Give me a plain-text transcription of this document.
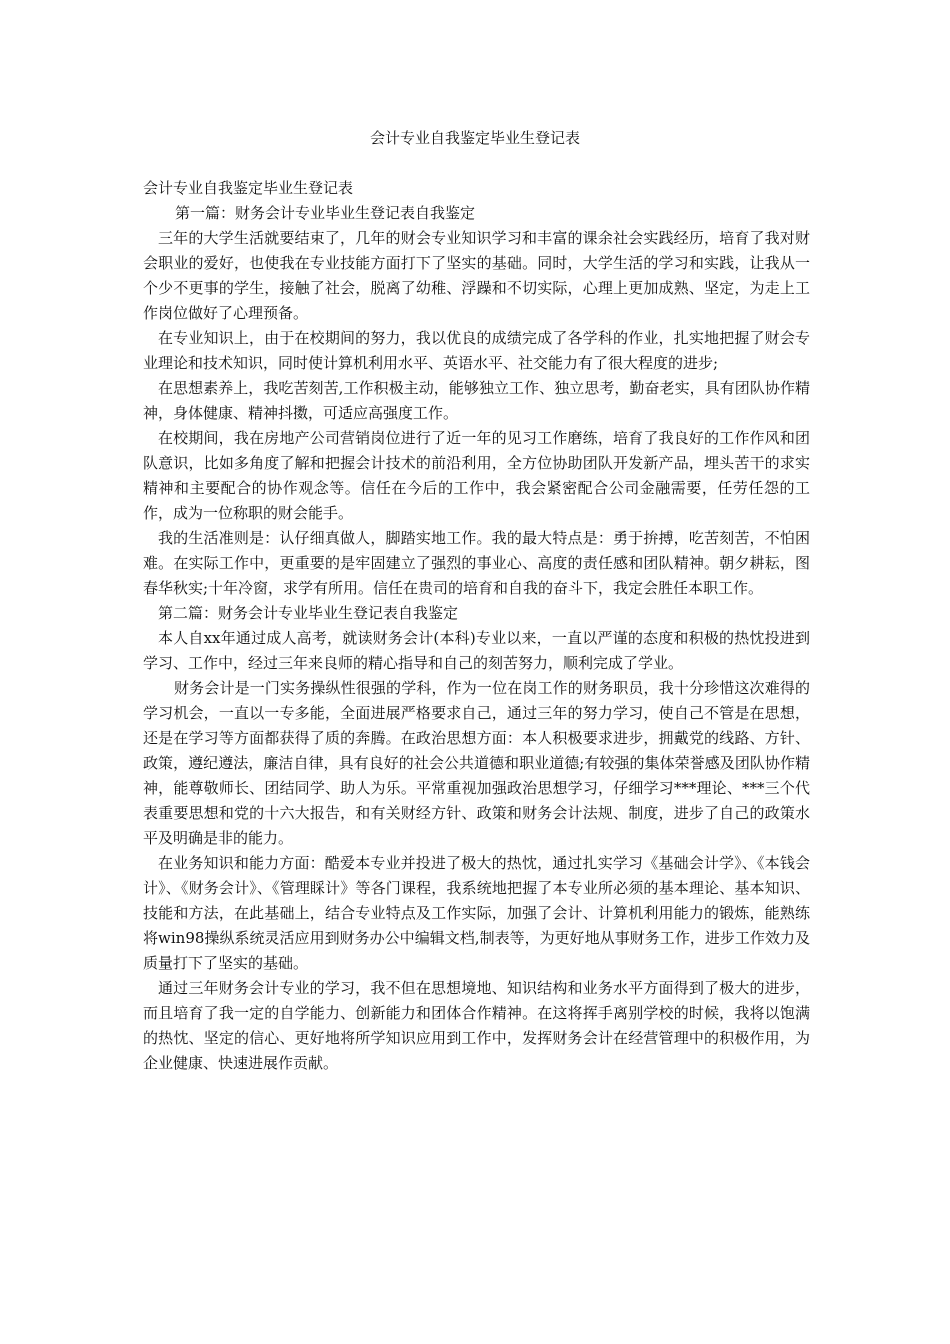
会计专业自我鉴定毕业生登记表

会计专业自我鉴定毕业生登记表

第一篇：财务会计专业毕业生登记表自我鉴定

三年的大学生活就要结束了，几年的财会专业知识学习和丰富的课余社会实践经历，培育了我对财会职业的爱好，也使我在专业技能方面打下了坚实的基础。同时，大学生活的学习和实践，让我从一个少不更事的学生，接触了社会，脱离了幼稚、浮躁和不切实际，心理上更加成熟、坚定，为走上工作岗位做好了心理预备。

在专业知识上，由于在校期间的努力，我以优良的成绩完成了各学科的作业，扎实地把握了财会专业理论和技术知识，同时使计算机利用水平、英语水平、社交能力有了很大程度的进步;

在思想素养上，我吃苦刻苦,工作积极主动，能够独立工作、独立思考，勤奋老实，具有团队协作精神，身体健康、精神抖擞，可适应高强度工作。

在校期间，我在房地产公司营销岗位进行了近一年的见习工作磨练，培育了我良好的工作作风和团队意识，比如多角度了解和把握会计技术的前沿利用，全方位协助团队开发新产品，埋头苦干的求实精神和主要配合的协作观念等。信任在今后的工作中，我会紧密配合公司金融需要，任劳任怨的工作，成为一位称职的财会能手。

我的生活准则是：认仔细真做人，脚踏实地工作。我的最大特点是：勇于拚搏，吃苦刻苦，不怕困难。在实际工作中，更重要的是牢固建立了强烈的事业心、高度的责任感和团队精神。朝夕耕耘，图春华秋实;十年冷窗，求学有所用。信任在贵司的培育和自我的奋斗下，我定会胜任本职工作。

第二篇：财务会计专业毕业生登记表自我鉴定

本人自xx年通过成人高考，就读财务会计(本科)专业以来，一直以严谨的态度和积极的热忱投进到学习、工作中，经过三年来良师的精心指导和自己的刻苦努力，顺利完成了学业。

财务会计是一门实务操纵性很强的学科，作为一位在岗工作的财务职员，我十分珍惜这次难得的学习机会，一直以一专多能，全面进展严格要求自己，通过三年的努力学习，使自己不管是在思想，还是在学习等方面都获得了质的奔腾。在政治思想方面：本人积极要求进步，拥戴党的线路、方针、政策，遵纪遵法，廉洁自律，具有良好的社会公共道德和职业道德;有较强的集体荣誉感及团队协作精神，能尊敬师长、团结同学、助人为乐。平常重视加强政治思想学习，仔细学习***理论、***三个代表重要思想和党的十六大报告，和有关财经方针、政策和财务会计法规、制度，进步了自己的政策水平及明确是非的能力。

在业务知识和能力方面：酷爱本专业并投进了极大的热忱，通过扎实学习《基础会计学》、《本钱会计》、《财务会计》、《管理睬计》等各门课程，我系统地把握了本专业所必须的基本理论、基本知识、技能和方法，在此基础上，结合专业特点及工作实际，加强了会计、计算机利用能力的锻炼，能熟练将win98操纵系统灵活应用到财务办公中编辑文档,制表等，为更好地从事财务工作，进步工作效力及质量打下了坚实的基础。

通过三年财务会计专业的学习，我不但在思想境地、知识结构和业务水平方面得到了极大的进步，而且培育了我一定的自学能力、创新能力和团体合作精神。在这将挥手离别学校的时候，我将以饱满的热忱、坚定的信心、更好地将所学知识应用到工作中，发挥财务会计在经营管理中的积极作用，为企业健康、快速进展作贡献。
